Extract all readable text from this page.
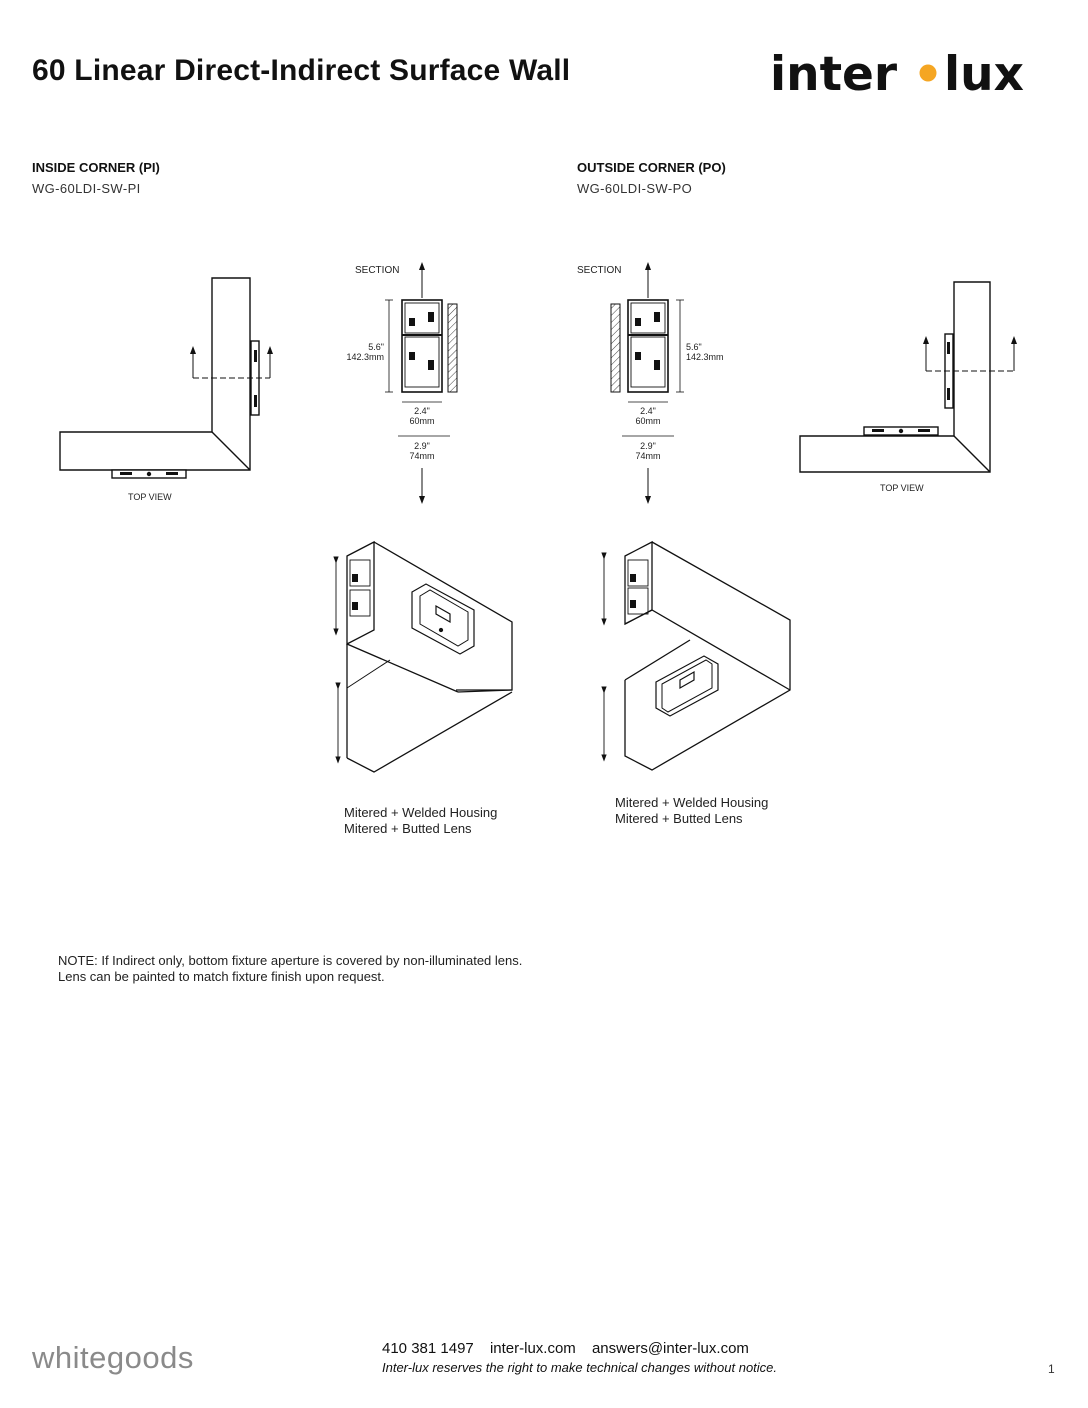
60 Linear Direct-Indirect Surface Wall	inter lux
INSIDE CORNER (PI)
WG-60LDI-SW-PI
OUTSIDE CORNER (PO)
WG-60LDI-SW-PO
SECTION
TOP VIEW
5.6"
142.3mm
2.4"
60mm
2.9"
74mm
SECTION
TOP VIEW
5.6"
142.3mm
2.4"
60mm
2.9"
74mm
Mitered + Welded Housing
Mitered + Butted Lens
Mitered + Welded Housing
Mitered + Butted Lens
NOTE: If Indirect only, bottom fixture aperture is covered by non-illuminated lens.
Lens can be painted to match fixture finish upon request.
whitegoods	410 381 1497 inter-lux.com answers@inter-lux.com
Inter-lux reserves the right to make technical changes without notice.	1
